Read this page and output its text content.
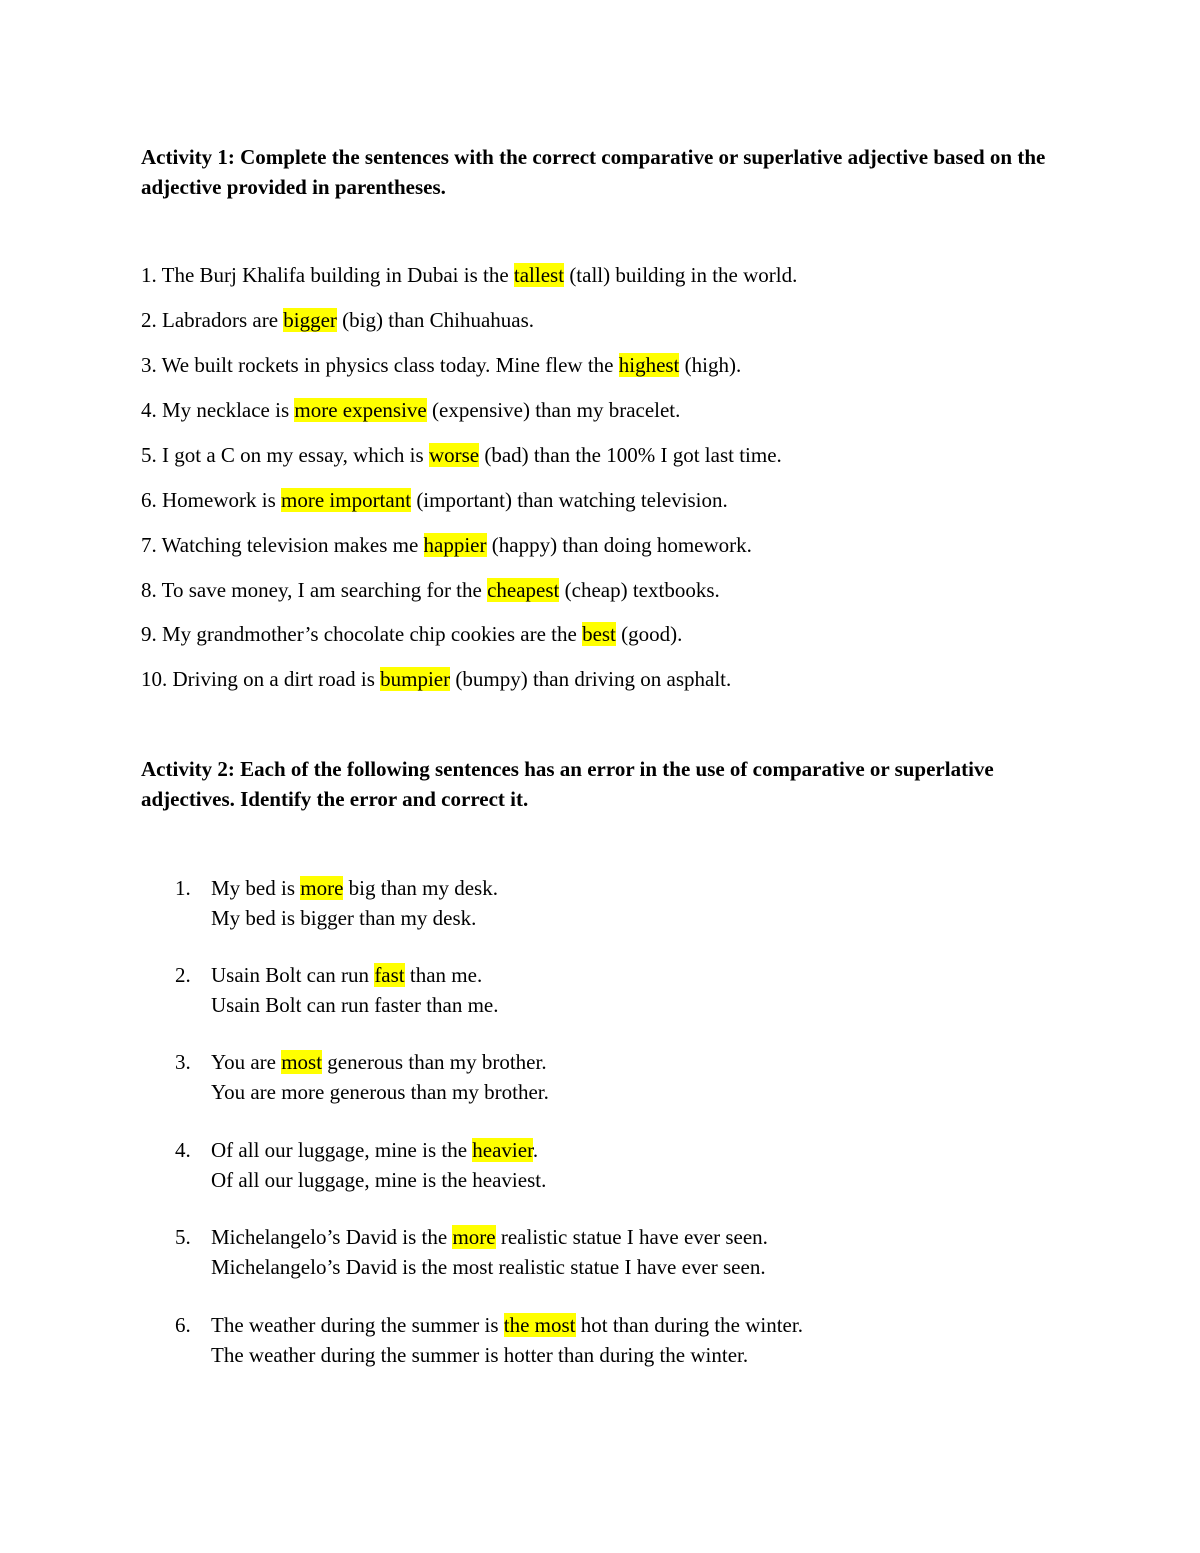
Activity 1: Complete the sentences with the correct comparative or superlative adjective based on the adjective provided in parentheses.
1. The Burj Khalifa building in Dubai is the tallest (tall) building in the world.
2. Labradors are bigger (big) than Chihuahuas.
3. We built rockets in physics class today. Mine flew the highest (high).
4. My necklace is more expensive (expensive) than my bracelet.
5. I got a C on my essay, which is worse (bad) than the 100% I got last time.
6. Homework is more important (important) than watching television.
7. Watching television makes me happier (happy) than doing homework.
8. To save money, I am searching for the cheapest (cheap) textbooks.
9. My grandmother’s chocolate chip cookies are the best (good).
10. Driving on a dirt road is bumpier (bumpy) than driving on asphalt.
Activity 2: Each of the following sentences has an error in the use of comparative or superlative adjectives. Identify the error and correct it.
1. My bed is more big than my desk.
My bed is bigger than my desk.
2. Usain Bolt can run fast than me.
Usain Bolt can run faster than me.
3. You are most generous than my brother.
You are more generous than my brother.
4. Of all our luggage, mine is the heavier.
Of all our luggage, mine is the heaviest.
5. Michelangelo’s David is the more realistic statue I have ever seen.
Michelangelo’s David is the most realistic statue I have ever seen.
6. The weather during the summer is the most hot than during the winter.
The weather during the summer is hotter than during the winter.
